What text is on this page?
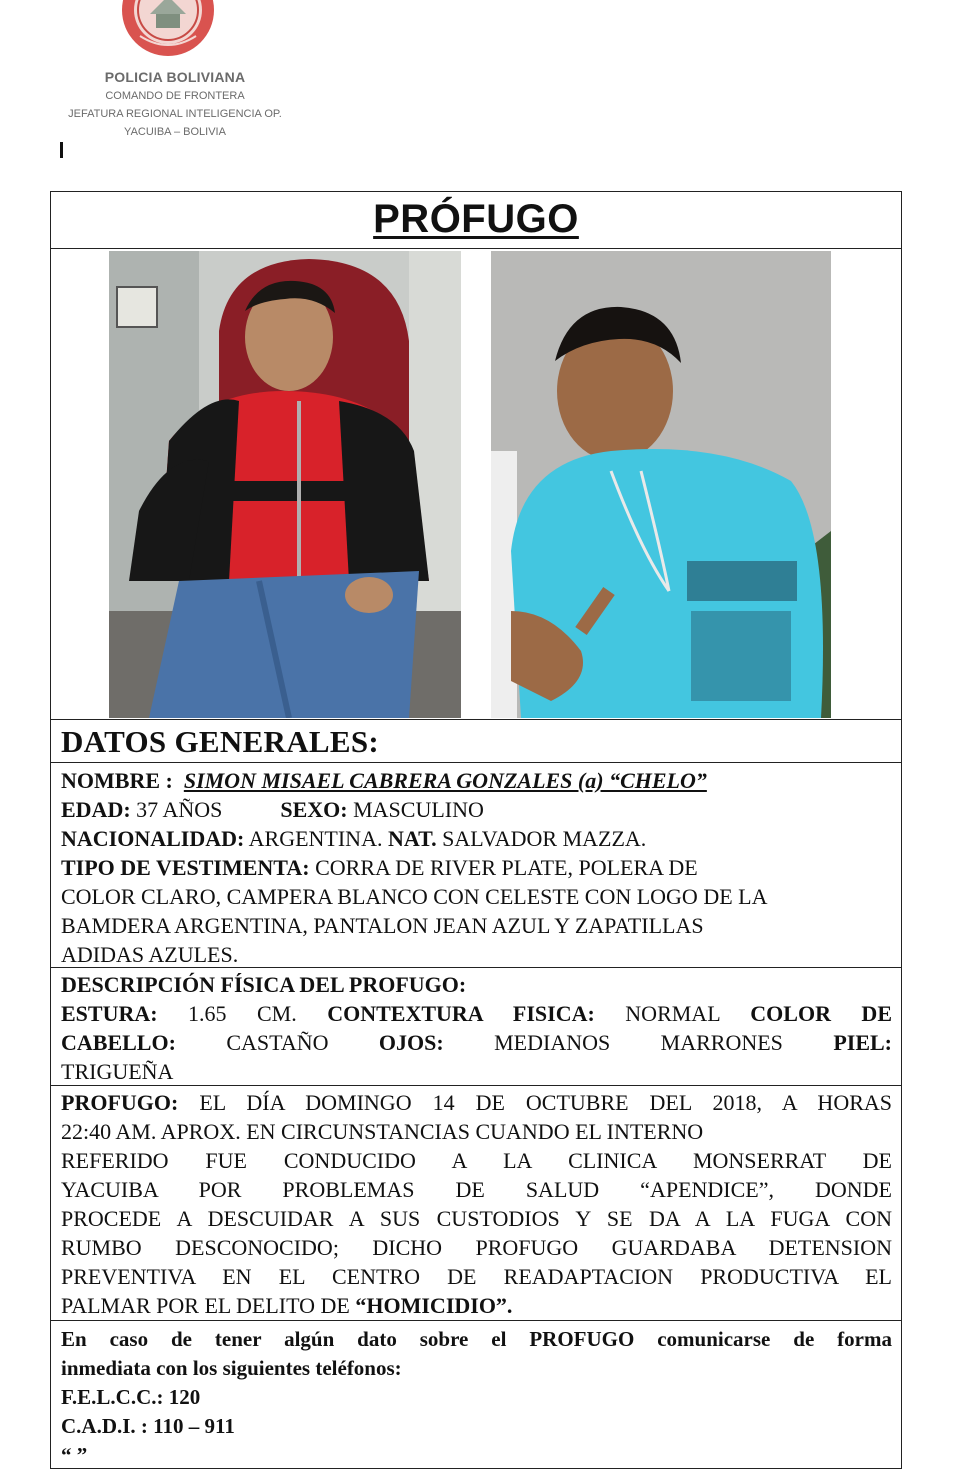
POLICIA BOLIVIANA
COMANDO DE FRONTERA
JEFATURA REGIONAL INTELIGENCIA OP.
YACUIBA – BOLIVIA
PRÓFUGO
DATOS GENERALES:
NOMBRE : SIMON MISAEL CABRERA GONZALES (a) “CHELO”
EDAD: 37 AÑOS	SEXO: MASCULINO
NACIONALIDAD: ARGENTINA. NAT. SALVADOR MAZZA.
TIPO DE VESTIMENTA: CORRA DE RIVER PLATE, POLERA DE
COLOR CLARO, CAMPERA BLANCO CON CELESTE CON LOGO DE LA
BAMDERA ARGENTINA, PANTALON JEAN AZUL Y ZAPATILLAS
ADIDAS AZULES.
DESCRIPCIÓN FÍSICA DEL PROFUGO:
ESTURA: 1.65 CM. CONTEXTURA FISICA: NORMAL COLOR DE
CABELLO: CASTAÑO OJOS: MEDIANOS MARRONES PIEL:
TRIGUEÑA
PROFUGO: EL DÍA DOMINGO 14 DE OCTUBRE DEL 2018, A HORAS
22:40 AM. APROX. EN CIRCUNSTANCIAS CUANDO EL INTERNO
REFERIDO FUE CONDUCIDO A LA CLINICA MONSERRAT DE
YACUIBA POR PROBLEMAS DE SALUD “APENDICE”, DONDE
PROCEDE A DESCUIDAR A SUS CUSTODIOS Y SE DA A LA FUGA CON
RUMBO DESCONOCIDO; DICHO PROFUGO GUARDABA DETENSION
PREVENTIVA EN EL CENTRO DE READAPTACION PRODUCTIVA EL
PALMAR POR EL DELITO DE “HOMICIDIO”.
En caso de tener algún dato sobre el PROFUGO comunicarse de forma
inmediata con los siguientes teléfonos:
F.E.L.C.C.: 120
C.A.D.I. : 110 – 911
“ ”
